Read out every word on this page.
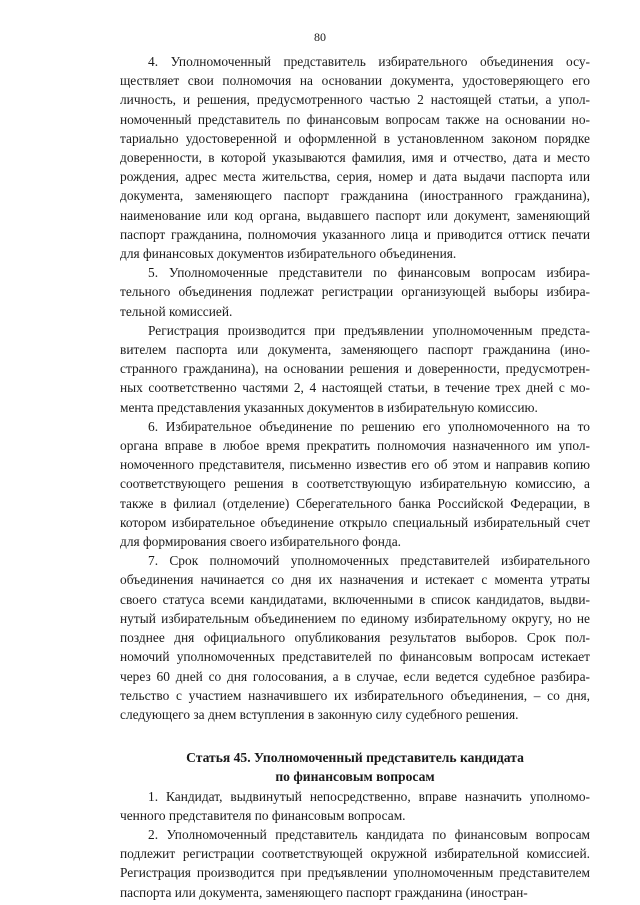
80

4. Уполномоченный представитель избирательного объединения осуществляет свои полномочия на основании документа, удостоверяющего его личность, и решения, предусмотренного частью 2 настоящей статьи, а уполномоченный представитель по финансовым вопросам также на основании нотариально удостоверенной и оформленной в установленном законом порядке доверенности, в которой указываются фамилия, имя и отчество, дата и место рождения, адрес места жительства, серия, номер и дата выдачи паспорта или документа, заменяющего паспорт гражданина (иностранного гражданина), наименование или код органа, выдавшего паспорт или документ, заменяющий паспорт гражданина, полномочия указанного лица и приводится оттиск печати для финансовых документов избирательного объединения.

5. Уполномоченные представители по финансовым вопросам избирательного объединения подлежат регистрации организующей выборы избирательной комиссией.

Регистрация производится при предъявлении уполномоченным представителем паспорта или документа, заменяющего паспорт гражданина (иностранного гражданина), на основании решения и доверенности, предусмотренных соответственно частями 2, 4 настоящей статьи, в течение трех дней с момента представления указанных документов в избирательную комиссию.

6. Избирательное объединение по решению его уполномоченного на то органа вправе в любое время прекратить полномочия назначенного им уполномоченного представителя, письменно известив его об этом и направив копию соответствующего решения в соответствующую избирательную комиссию, а также в филиал (отделение) Сберегательного банка Российской Федерации, в котором избирательное объединение открыло специальный избирательный счет для формирования своего избирательного фонда.

7. Срок полномочий уполномоченных представителей избирательного объединения начинается со дня их назначения и истекает с момента утраты своего статуса всеми кандидатами, включенными в список кандидатов, выдвинутый избирательным объединением по единому избирательному округу, но не позднее дня официального опубликования результатов выборов. Срок полномочий уполномоченных представителей по финансовым вопросам истекает через 60 дней со дня голосования, а в случае, если ведется судебное разбирательство с участием назначившего их избирательного объединения, – со дня, следующего за днем вступления в законную силу судебного решения.

Статья 45. Уполномоченный представитель кандидата
по финансовым вопросам

1. Кандидат, выдвинутый непосредственно, вправе назначить уполномоченного представителя по финансовым вопросам.

2. Уполномоченный представитель кандидата по финансовым вопросам подлежит регистрации соответствующей окружной избирательной комиссией. Регистрация производится при предъявлении уполномоченным представителем паспорта или документа, заменяющего паспорт гражданина (иностран-
